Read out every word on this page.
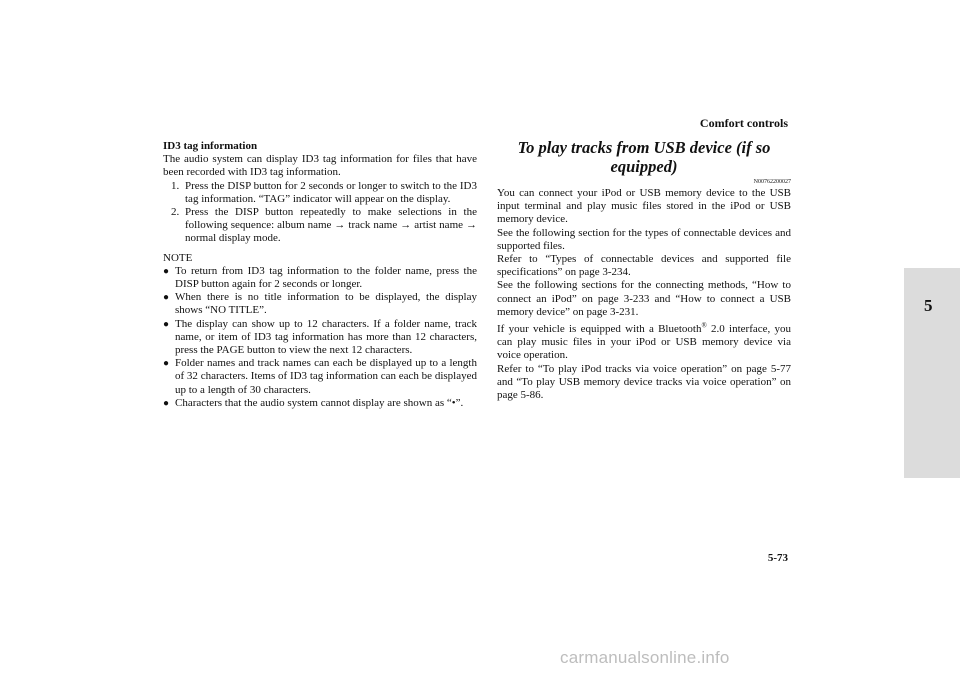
Comfort controls
5

ID3 tag information

The audio system can display ID3 tag information for files that have been recorded with ID3 tag information.

1. Press the DISP button for 2 seconds or longer to switch to the ID3 tag information. “TAG” indicator will appear on the display.
2. Press the DISP button repeatedly to make selections in the following sequence: album name → track name → artist name → normal display mode.

NOTE

● To return from ID3 tag information to the folder name, press the DISP button again for 2 seconds or longer.
● When there is no title information to be displayed, the display shows “NO TITLE”.
● The display can show up to 12 characters. If a folder name, track name, or item of ID3 tag information has more than 12 characters, press the PAGE button to view the next 12 characters.
● Folder names and track names can each be displayed up to a length of 32 characters. Items of ID3 tag information can each be displayed up to a length of 30 characters.
● Characters that the audio system cannot display are shown as “•”.
To play tracks from USB device (if so equipped)
N00762200027

You can connect your iPod or USB memory device to the USB input terminal and play music files stored in the iPod or USB memory device.

See the following section for the types of connectable devices and supported files.

Refer to “Types of connectable devices and supported file specifications” on page 3-234.

See the following sections for the connecting methods, “How to connect an iPod” on page 3-233 and “How to connect a USB memory device” on page 3-231.

If your vehicle is equipped with a Bluetooth® 2.0 interface, you can play music files in your iPod or USB memory device via voice operation.

Refer to “To play iPod tracks via voice operation” on page 5-77 and “To play USB memory device tracks via voice operation” on page 5-86.

5-73
carmanualsonline.info
